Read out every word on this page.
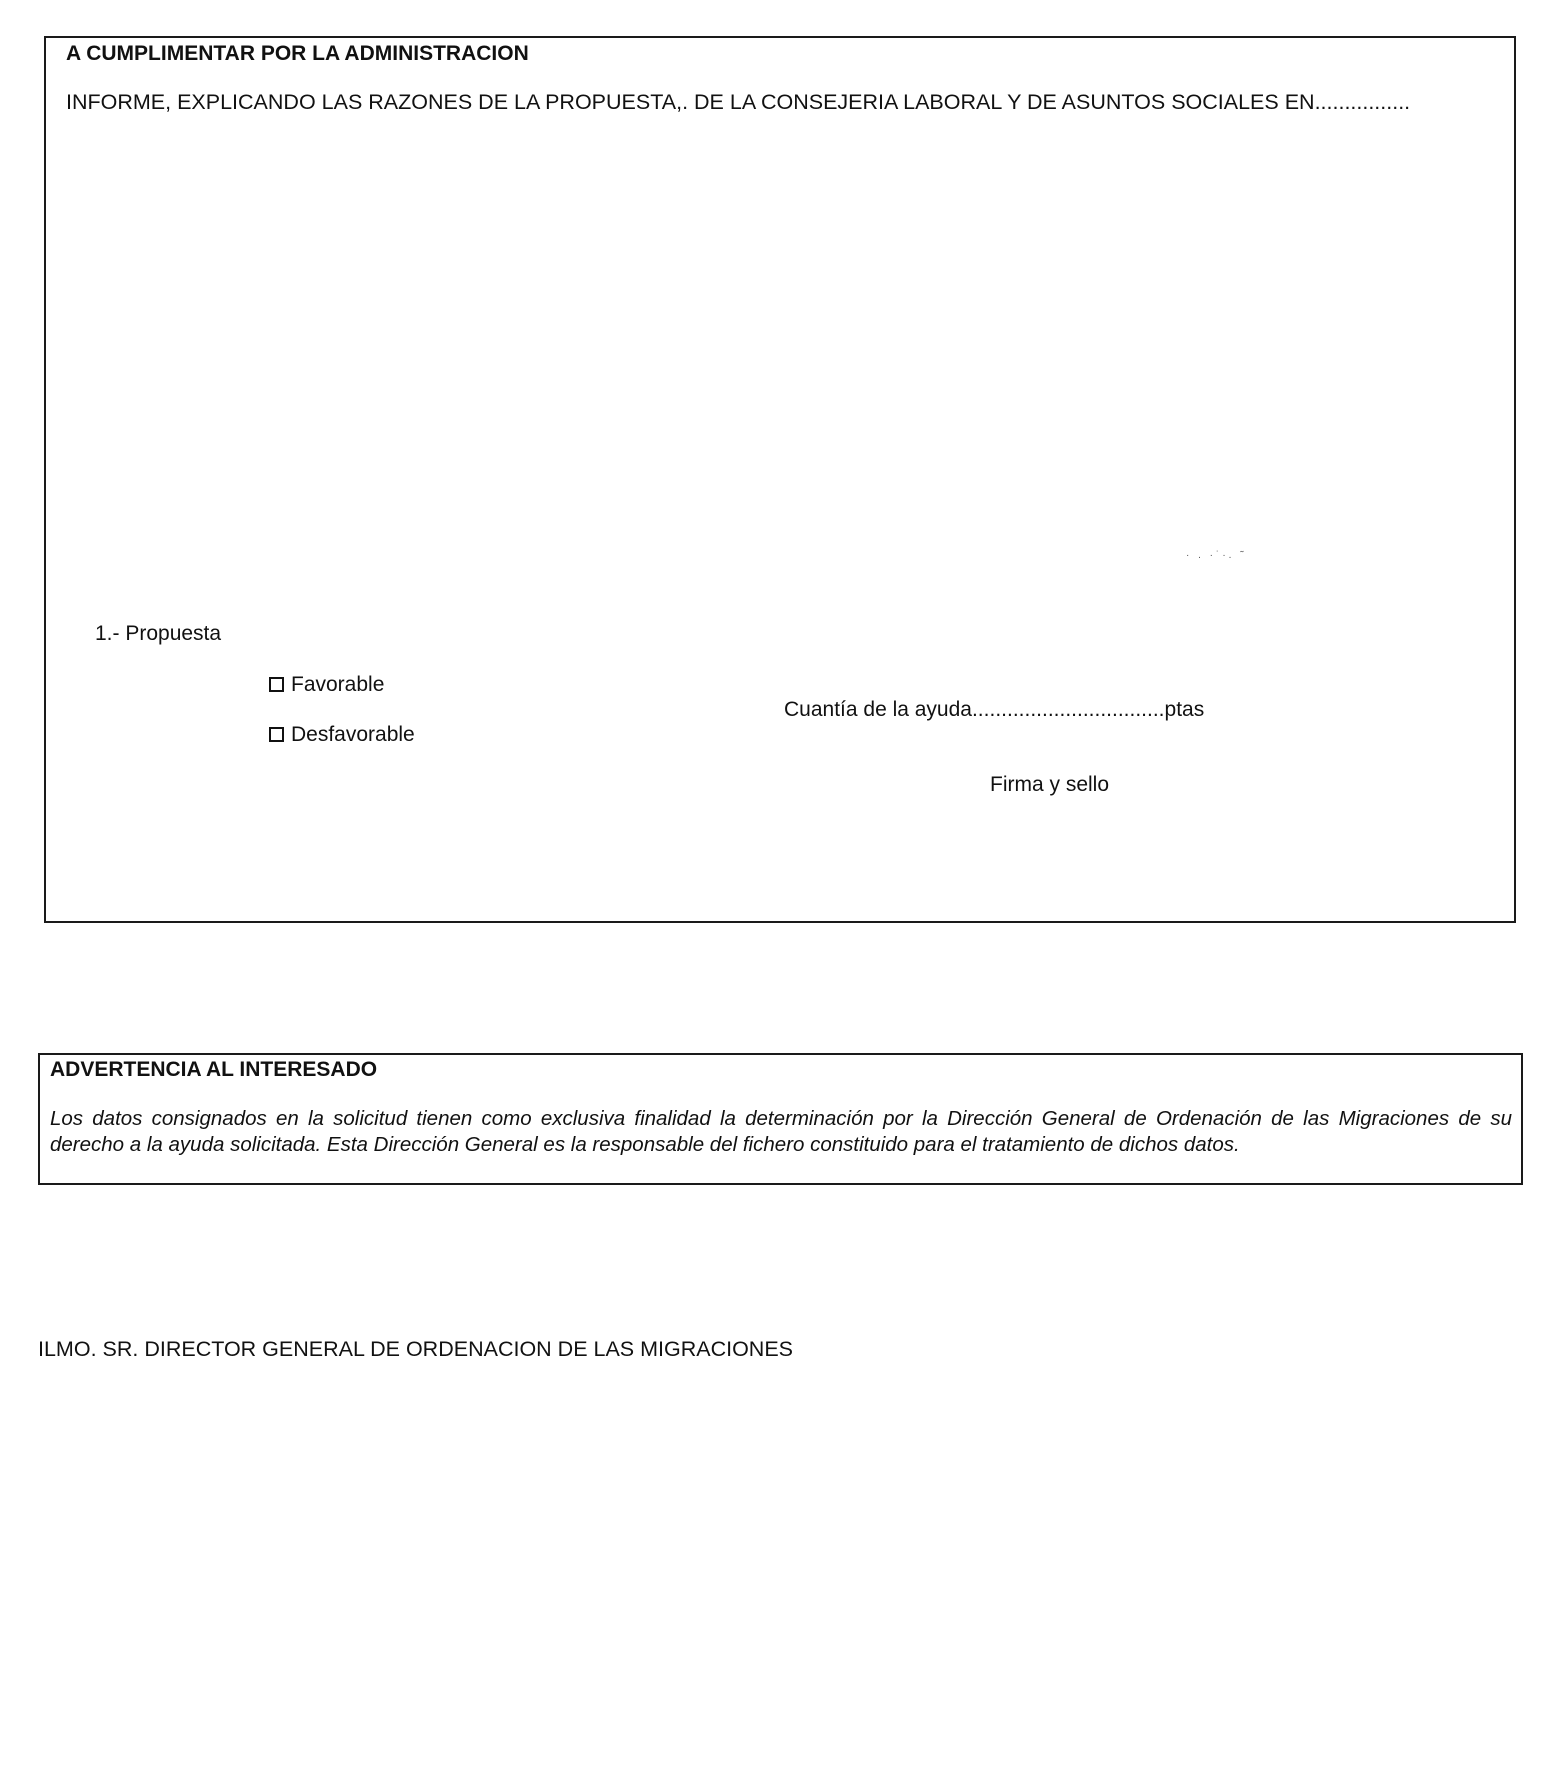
A CUMPLIMENTAR POR LA ADMINISTRACION
INFORME, EXPLICANDO LAS RAZONES DE LA PROPUESTA,. DE LA CONSEJERIA LABORAL Y DE ASUNTOS SOCIALES EN................
· . ·˙·. ˜
1.- Propuesta
Favorable
Desfavorable
Cuantía de la ayuda.................................ptas
Firma y sello
ADVERTENCIA AL INTERESADO
Los datos consignados en la solicitud tienen como exclusiva finalidad la determinación por la Dirección General de Ordenación de las Migraciones de su derecho a la ayuda solicitada. Esta Dirección General es la responsable del fichero constituido para el tratamiento de dichos datos.
ILMO. SR. DIRECTOR GENERAL DE ORDENACION DE LAS MIGRACIONES
